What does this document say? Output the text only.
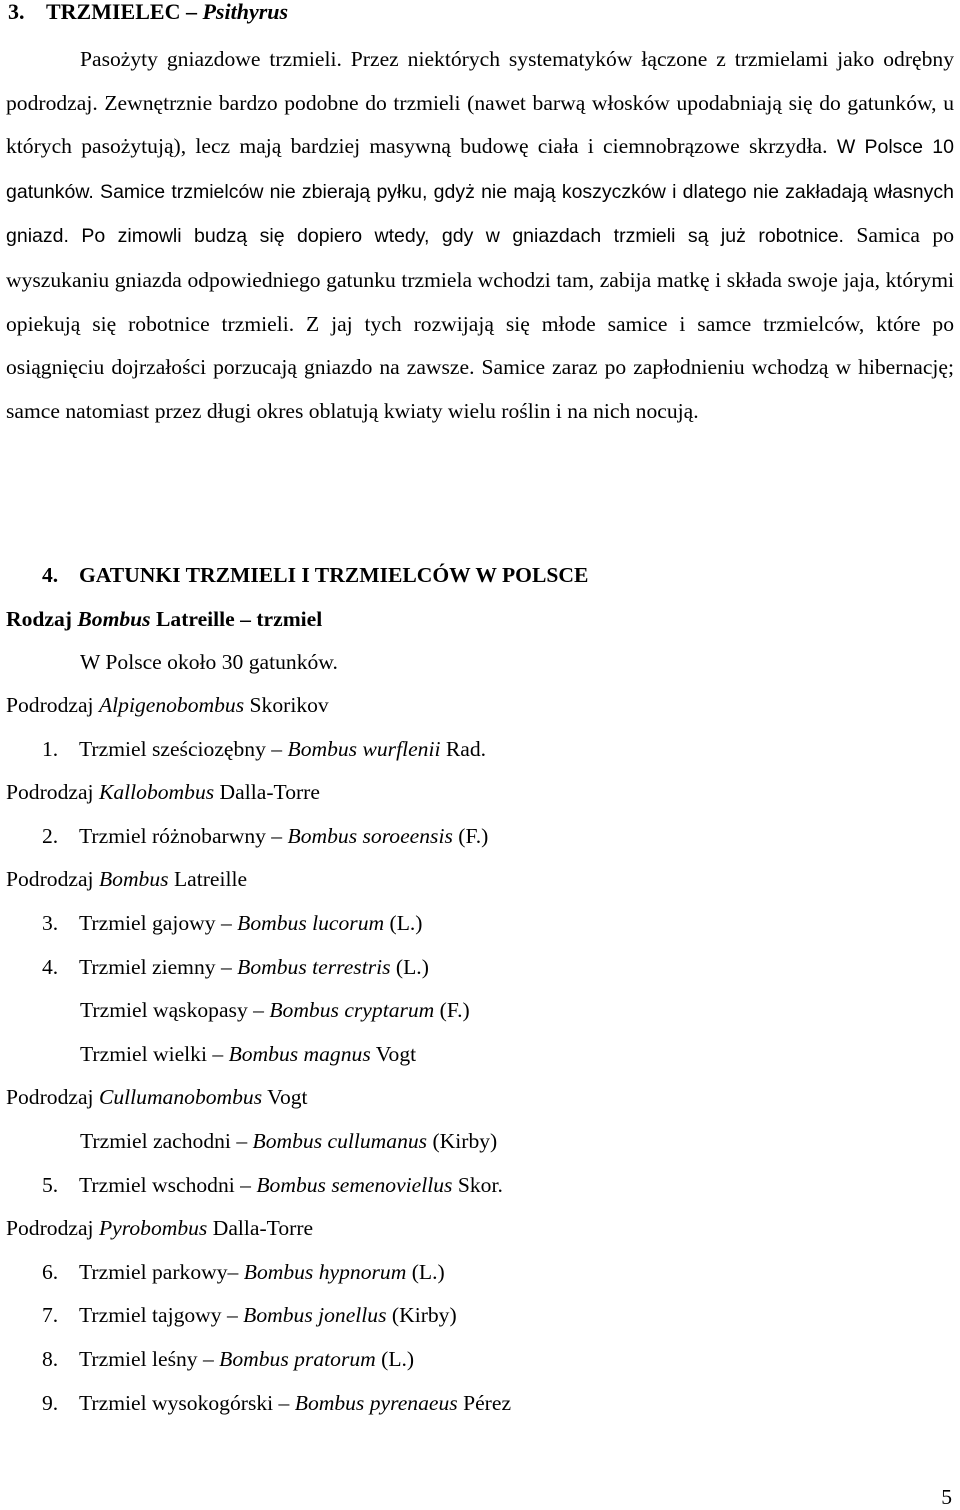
3. TRZMIELEC – Psithyrus

Pasożyty gniazdowe trzmieli. Przez niektórych systematyków łączone z trzmielami jako odrębny podrodzaj. Zewnętrznie bardzo podobne do trzmieli (nawet barwą włosków upodabniają się do gatunków, u których pasożytują), lecz mają bardziej masywną budowę ciała i ciemnobrązowe skrzydła. W Polsce 10 gatunków. Samice trzmielców nie zbierają pyłku, gdyż nie mają koszyczków i dlatego nie zakładają własnych gniazd. Po zimowli budzą się dopiero wtedy, gdy w gniazdach trzmieli są już robotnice. Samica po wyszukaniu gniazda odpowiedniego gatunku trzmiela wchodzi tam, zabija matkę i składa swoje jaja, którymi opiekują się robotnice trzmieli. Z jaj tych rozwijają się młode samice i samce trzmielców, które po osiągnięciu dojrzałości porzucają gniazdo na zawsze. Samice zaraz po zapłodnieniu wchodzą w hibernację; samce natomiast przez długi okres oblatują kwiaty wielu roślin i na nich nocują.

4. GATUNKI TRZMIELI I TRZMIELCÓW W POLSCE
Rodzaj Bombus Latreille – trzmiel
W Polsce około 30 gatunków.
Podrodzaj Alpigenobombus Skorikov
1. Trzmiel sześciozębny – Bombus wurflenii Rad.
Podrodzaj Kallobombus Dalla-Torre
2. Trzmiel różnobarwny – Bombus soroeensis (F.)
Podrodzaj Bombus Latreille
3. Trzmiel gajowy – Bombus lucorum (L.)
4. Trzmiel ziemny – Bombus terrestris (L.)
Trzmiel wąskopasy – Bombus cryptarum (F.)
Trzmiel wielki – Bombus magnus Vogt
Podrodzaj Cullumanobombus Vogt
Trzmiel zachodni – Bombus cullumanus (Kirby)
5. Trzmiel wschodni – Bombus semenoviellus Skor.
Podrodzaj Pyrobombus Dalla-Torre
6. Trzmiel parkowy– Bombus hypnorum (L.)
7. Trzmiel tajgowy – Bombus jonellus (Kirby)
8. Trzmiel leśny – Bombus pratorum (L.)
9. Trzmiel wysokogórski – Bombus pyrenaeus Pérez
5
